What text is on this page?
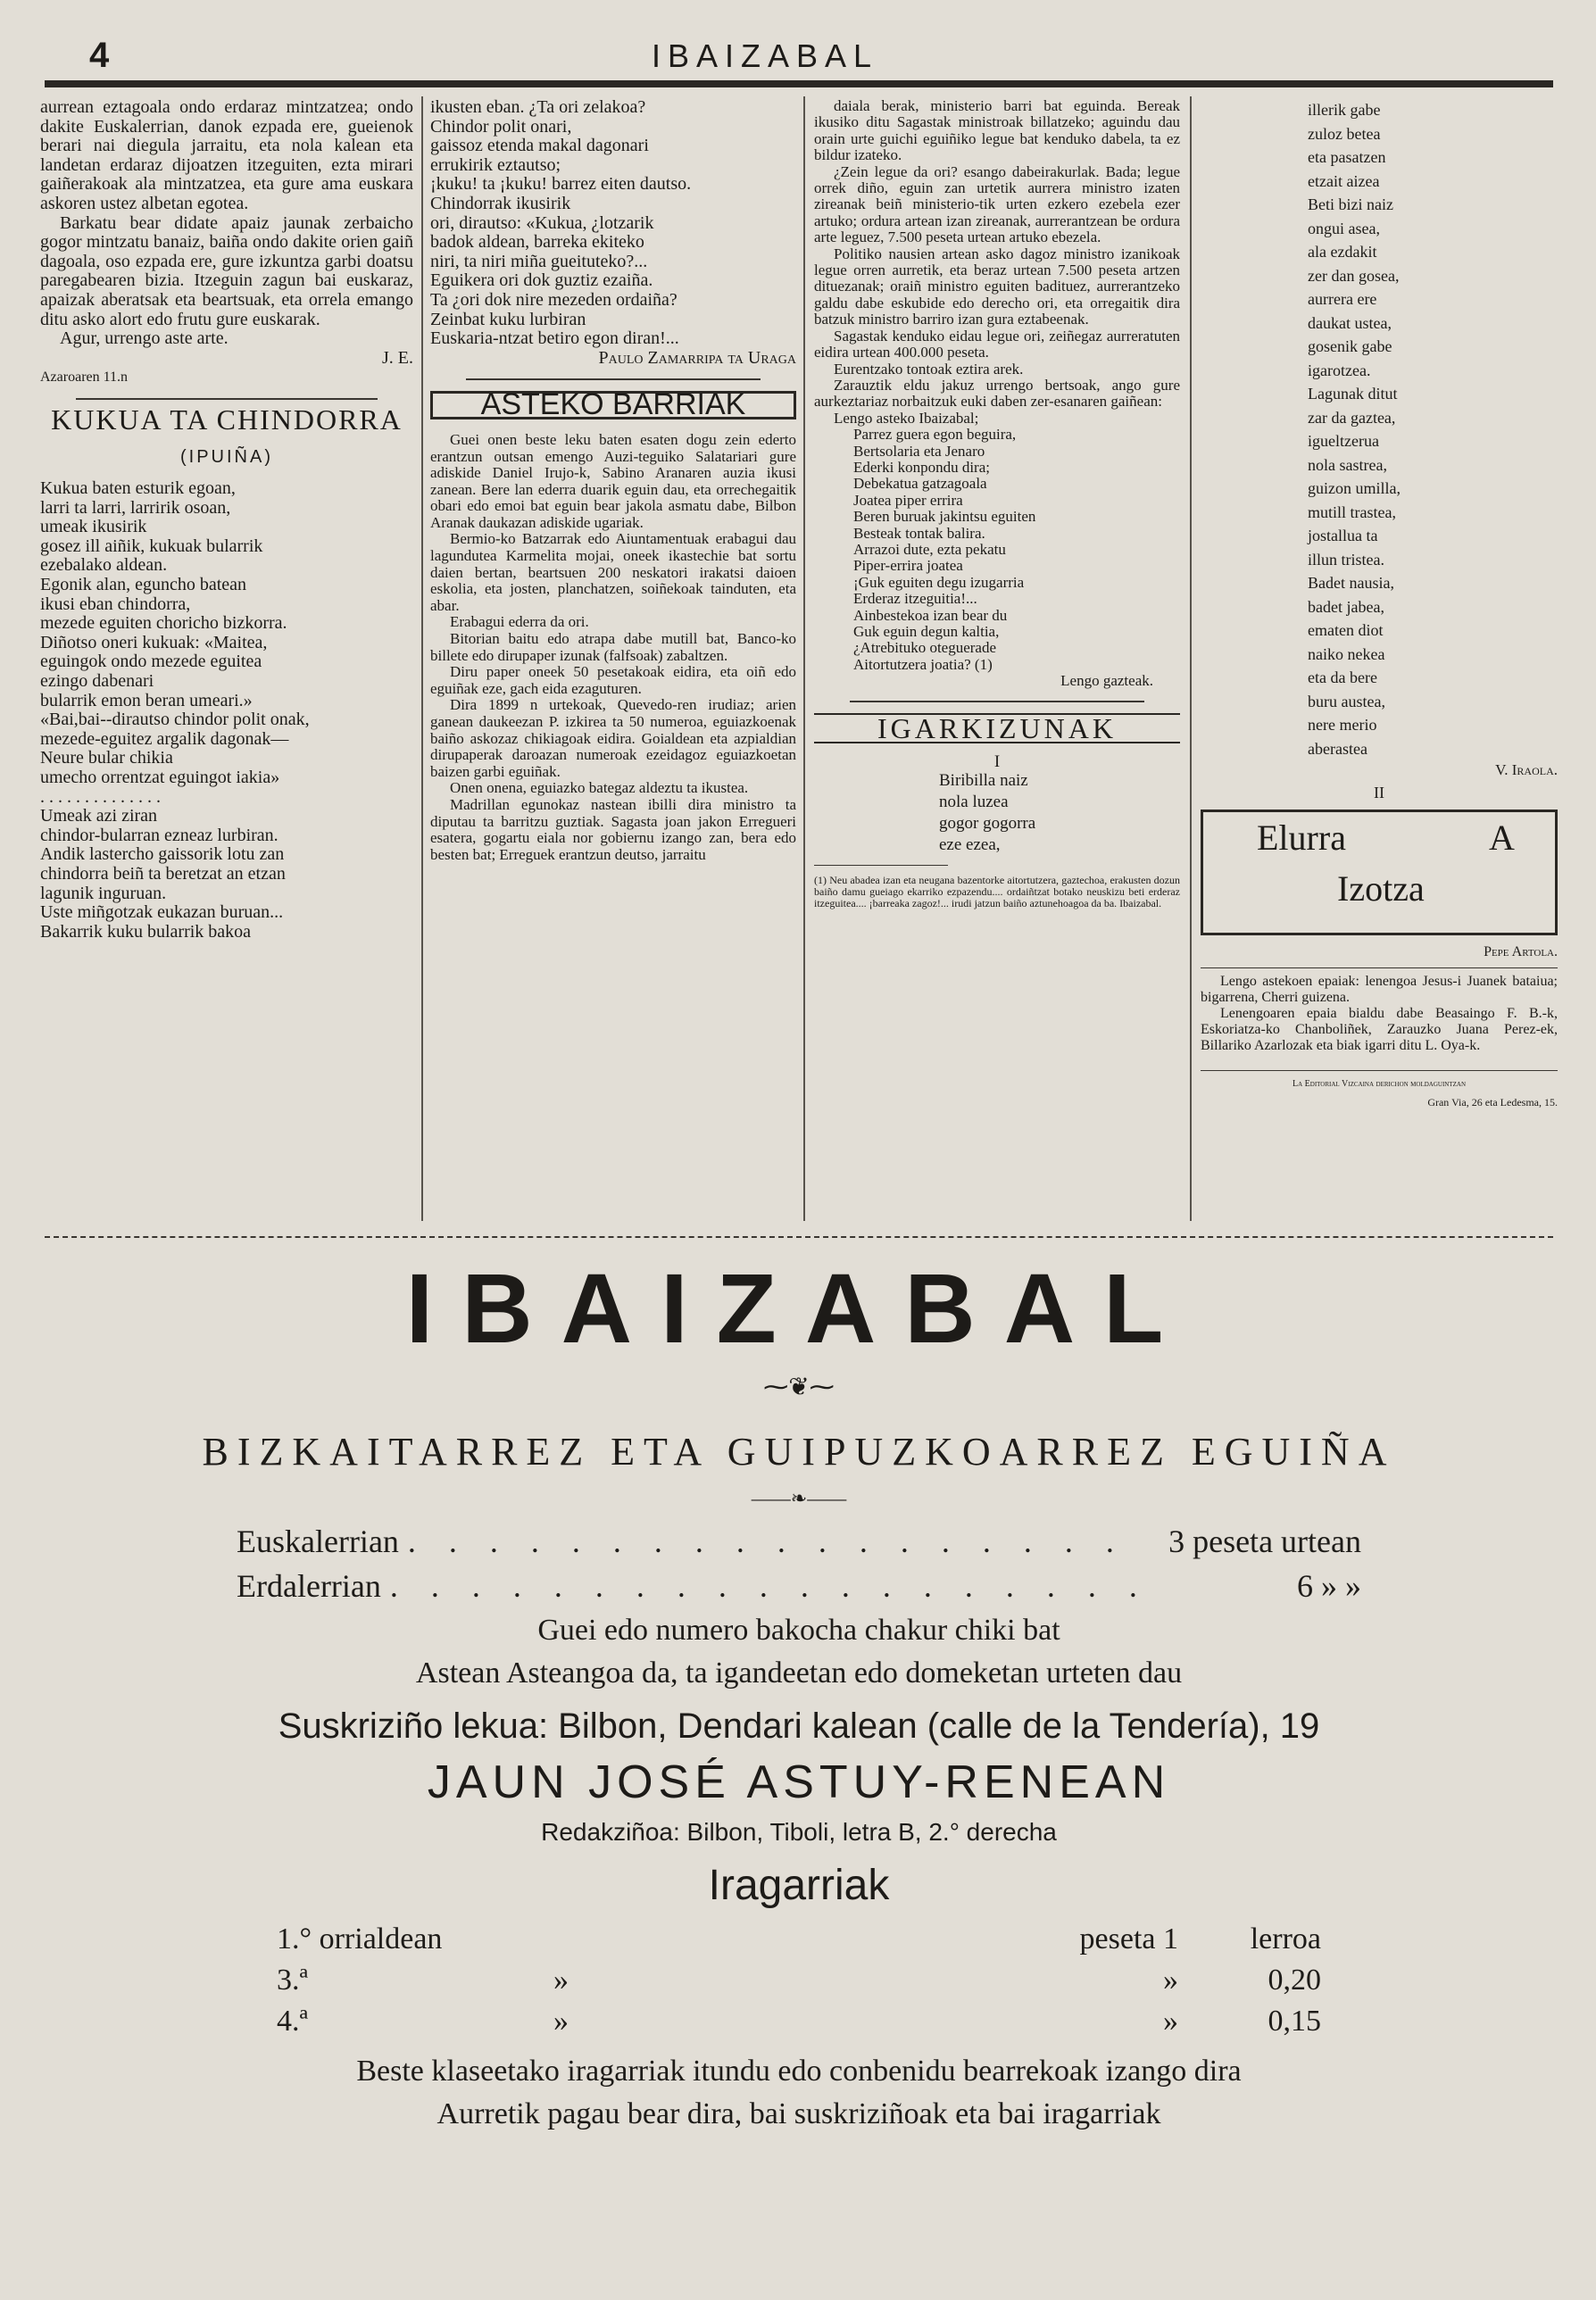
4	IBAIZABAL

aurrean eztagoala ondo erdaraz mintzatzea; ondo dakite Euskalerrian, danok ezpada ere, gueienok berari nai diegula jarraitu, eta nola kalean eta landetan erdaraz dijoatzen itzeguiten, ezta mirari gaiñerakoak ala mintzatzea, eta gure ama euskara askoren ustez albetan egotea.

Barkatu bear didate apaiz jaunak zerbaicho gogor mintzatu banaiz, baiña ondo dakite orien gaiñ dagoala, oso ezpada ere, gure izkuntza garbi doatsu paregabearen bizia. Itzeguin zagun bai euskaraz, apaizak aberatsak eta beartsuak, eta orrela emango ditu asko alort edo frutu gure euskarak.

Agur, urrengo aste arte.

J. E.

Azaroaren 11.n

KUKUA TA CHINDORRA
(IPUIÑA)
Kukua baten esturik egoan,
larri ta larri, larririk osoan,
umeak ikusirik
gosez ill aiñik, kukuak bularrik
ezebalako aldean.
Egonik alan, eguncho batean
ikusi eban chindorra,
mezede eguiten choricho bizkorra.
Diñotso oneri kukuak: «Maitea,
eguingok ondo mezede eguitea
ezingo dabenari
bularrik emon beran umeari.»
«Bai,bai--dirautso chindor polit onak,
mezede-eguitez argalik dagonak—
Neure bular chikia
umecho orrentzat eguingot iakia»
. . . . . . . . . . . . . .
Umeak azi ziran
chindor-bularran ezneaz lurbiran.
Andik lastercho gaissorik lotu zan
chindorra beiñ ta beretzat an etzan
lagunik inguruan.
Uste miñgotzak eukazan buruan...
Bakarrik kuku bularrik bakoa
ikusten eban. ¿Ta ori zelakoa?
Chindor polit onari,
gaissoz etenda makal dagonari
errukirik eztautso;
¡kuku! ta ¡kuku! barrez eiten dautso.
Chindorrak ikusirik
ori, dirautso: «Kukua, ¿lotzarik
badok aldean, barreka ekiteko
niri, ta niri miña gueituteko?...
Eguikera ori dok guztiz ezaiña.
Ta ¿ori dok nire mezeden ordaiña?
Zeinbat kuku lurbiran
Euskaria-ntzat betiro egon diran!...

Paulo Zamarripa ta Uraga

ASTEKO BARRIAK
Guei onen beste leku baten esaten dogu zein ederto erantzun outsan emengo Auzi-teguiko Salatariari gure adiskide Daniel Irujo-k, Sabino Aranaren auzia ikusi zanean. Bere lan ederra duarik eguin dau, eta orrechegaitik obari edo emoi bat eguin bear jakola asmatu dabe, Bilbon Aranak daukazan adiskide ugariak.
Bermio-ko Batzarrak edo Aiuntamentuak erabagui dau lagundutea Karmelita mojai, oneek ikastechie bat sortu daien bertan, beartsuen 200 neskatori irakatsi daioen eskolia, eta josten, planchatzen, soiñekoak tainduten, eta abar.
Erabagui ederra da ori.
Bitorian baitu edo atrapa dabe mutill bat, Banco-ko billete edo dirupaper izunak (falfsoak) zabaltzen.
Diru paper oneek 50 pesetakoak eidira, eta oiñ edo eguiñak eze, gach eida ezaguturen.
Dira 1899 n urtekoak, Quevedo-ren irudiaz; arien ganean daukeezan P. izkirea ta 50 numeroa, eguiazkoenak baiño askozaz chikiagoak eidira. Goialdean eta azpialdian dirupaperak daroazan numeroak ezeidagoz eguiazkoetan baizen garbi eguiñak.
Onen onena, eguiazko bategaz aldeztu ta ikustea.
Madrillan egunokaz nastean ibilli dira ministro ta diputau ta barritzu guztiak. Sagasta joan jakon Erregueri esatera, gogartu eiala nor gobiernu izango zan, bera edo besten bat; Erreguek erantzun deutso, jarraitu
daiala berak, ministerio barri bat eguinda. Bereak ikusiko ditu Sagastak ministroak billatzeko; aguindu dau orain urte guichi eguiñiko legue bat kenduko dabela, ta ez bildur izateko.
¿Zein legue da ori? esango dabeirakurlak. Bada; legue orrek diño, eguin zan urtetik aurrera ministro izaten zireanak beiñ ministerio-tik urten ezkero ezebela ezer artuko; ordura artean izan zireanak, aurrerantzean be ordura arte leguez, 7.500 peseta urtean artuko ebezela.
Politiko nausien artean asko dagoz ministro izanikoak legue orren aurretik, eta beraz urtean 7.500 peseta artzen dituezanak; oraiñ ministro eguiten badituez, aurrerantzeko galdu dabe eskubide edo derecho ori, eta orregaitik dira batzuk ministro barriro izan gura eztabeenak.
Sagastak kenduko eidau legue ori, zeiñegaz aurreratuten eidira urtean 400.000 peseta.
Eurentzako tontoak eztira arek.
Zarauztik eldu jakuz urrengo bertsoak, ango gure aurkeztariaz norbaitzuk euki daben zer-esanaren gaiñean:

Lengo asteko Ibaizabal;

Parrez guera egon beguira,
Bertsolaria eta Jenaro
Ederki konpondu dira;
Debekatua gatzagoala
Joatea piper errira
Beren buruak jakintsu eguiten
Besteak tontak balira.
Arrazoi dute, ezta pekatu
Piper-errira joatea
¡Guk eguiten degu izugarria
Erderaz itzeguitia!...
Ainbestekoa izan bear du
Guk eguin degun kaltia,
¿Atrebituko oteguerade
Aitortutzera joatia? (1)

Lengo gazteak.

IGARKIZUNAK
I
Biribilla naiz
nola luzea
gogor gogorra
eze ezea,

(1) Neu abadea izan eta neugana bazentorke aitortutzera, gaztechoa, erakusten dozun baiño damu gueiago ekarriko ezpazendu.... ordaiñtzat botako neuskizu beti erderaz itzeguitea.... ¡barreaka zagoz!... irudi jatzun baiño aztunehoagoa da ba. Ibaizabal.

illerik gabe
zuloz betea
eta pasatzen
etzait aizea
Beti bizi naiz
ongui asea,
ala ezdakit
zer dan gosea,
aurrera ere
daukat ustea,
gosenik gabe
igarotzea.
Lagunak ditut
zar da gaztea,
igueltzerua
nola sastrea,
guizon umilla,
mutill trastea,
jostallua ta
illun tristea.
Badet nausia,
badet jabea,
ematen diot
naiko nekea
eta da bere
buru austea,
nere merio
aberastea

V. Iraola.

II
Elurra	A
Izotza

Pepe Artola.

Lengo astekoen epaiak: lenengoa Jesus-i Juanek bataiua; bigarrena, Cherri guizena.

Lenengoaren epaia bialdu dabe Beasaingo F. B.-k, Eskoriatza-ko Chanboliñek, Zarauzko Juana Perez-ek, Billariko Azarlozak eta biak igarri ditu L. Oya-k.

La Editorial Vizcaina derichon moldaguintzan

Gran Via, 26 eta Ledesma, 15.

IBAIZABAL
⁓❦⁓
BIZKAITARREZ ETA GUIPUZKOARREZ EGUIÑA
——❧——
Euskalerrian . . . . . . . . . . . . . . . . . . 3 peseta urtean
Erdalerrian . . . . . . . . . . . . . . . . . . .	6 » »
Guei edo numero bakocha chakur chiki bat
Astean Asteangoa da, ta igandeetan edo domeketan urteten dau
Suskriziño lekua: Bilbon, Dendari kalean (calle de la Tendería), 19
JAUN JOSÉ ASTUY-RENEAN
Redakziñoa: Bilbon, Tiboli, letra B, 2.° derecha
Iragarriak
1.° orrialdean		peseta 1	lerroa
3.ª	»	»	0,20
4.ª	»	»	0,15
Beste klaseetako iragarriak itundu edo conbenidu bearrekoak izango dira
Aurretik pagau bear dira, bai suskriziñoak eta bai iragarriak
